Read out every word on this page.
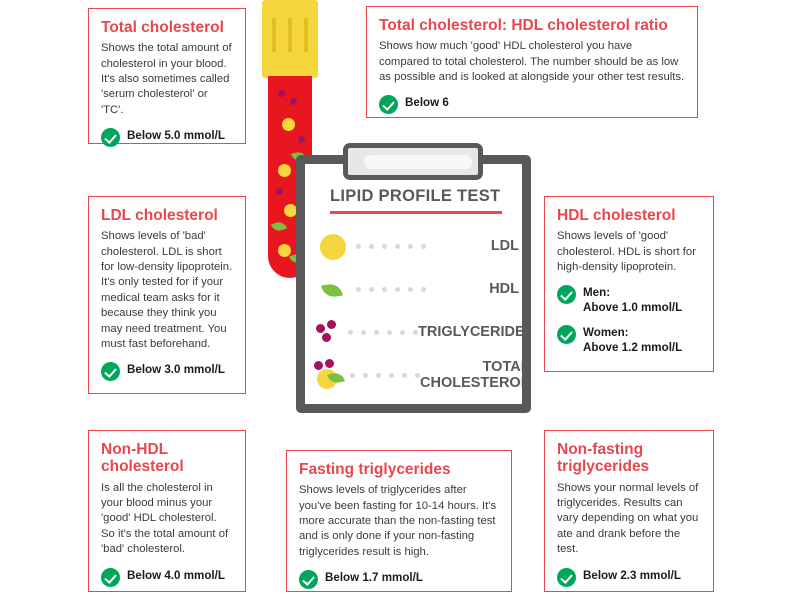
LIPID PROFILE TEST
LDL
HDL
TRIGLYCERIDE
TOTAL CHOLESTEROL

Total cholesterol

Shows the total amount of cholesterol in your blood. It's also sometimes called 'serum cholesterol' or 'TC'.

Below 5.0 mmol/L

Total cholesterol: HDL cholesterol ratio

Shows how much 'good' HDL cholesterol you have compared to total cholesterol. The number should be as low as possible and is looked at alongside your other test results.

Below 6

LDL cholesterol

Shows levels of 'bad' cholesterol. LDL is short for low-density lipoprotein. It's only tested for if your medical team asks for it because they think you may need treatment. You must fast beforehand.

Below 3.0 mmol/L

HDL cholesterol

Shows levels of 'good' cholesterol. HDL is short for high-density lipoprotein.

Men:
Above 1.0 mmol/L
Women:
Above 1.2 mmol/L

Non-HDL cholesterol

Is all the cholesterol in your blood minus your 'good' HDL cholesterol. So it's the total amount of 'bad' cholesterol.

Below 4.0 mmol/L

Fasting triglycerides

Shows levels of triglycerides after you've been fasting for 10-14 hours. It's more accurate than the non-fasting test and is only done if your non-fasting triglycerides result is high.

Below 1.7 mmol/L

Non-fasting triglycerides

Shows your normal levels of triglycerides. Results can vary depending on what you ate and drank before the test.

Below 2.3 mmol/L
